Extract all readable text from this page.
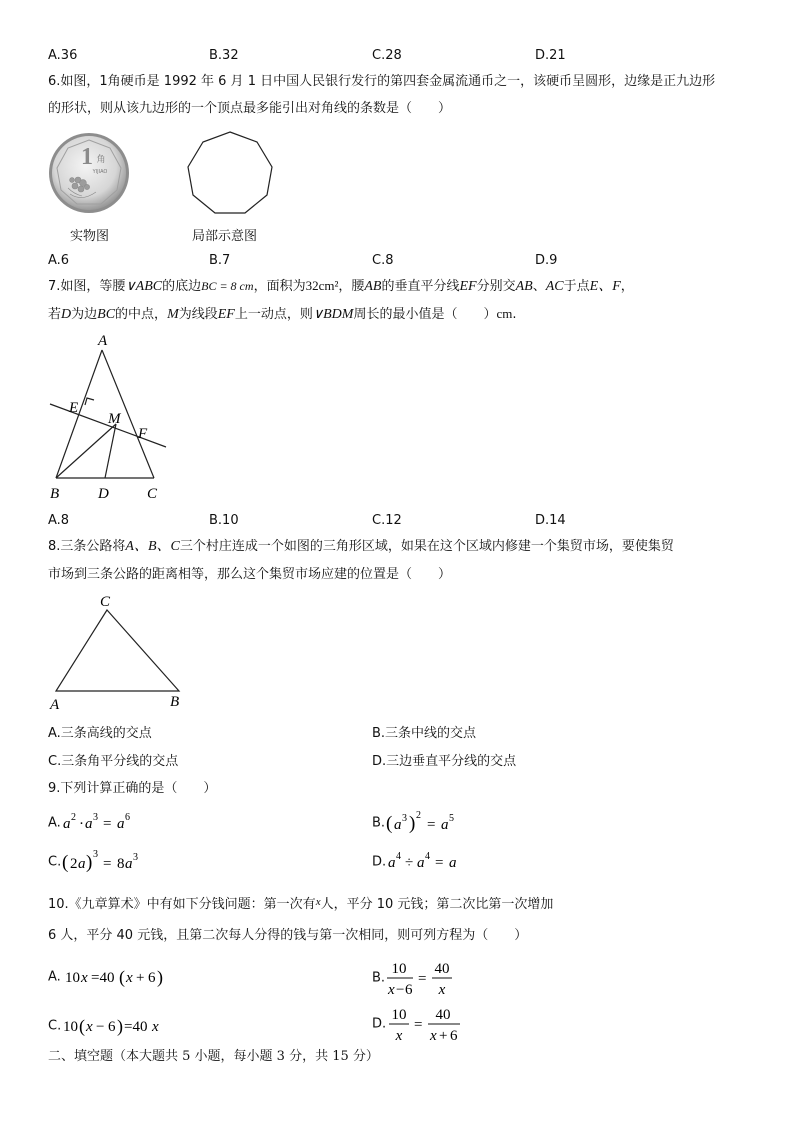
A.36	B.32	C.28	D.21
6.如图，1角硬币是 1992 年 6 月 1 日中国人民银行发行的第四套金属流通币之一，该硬币呈圆形，边缘是正九边形
的形状，则从该九边形的一个顶点最多能引出对角线的条数是（　　）
1 角
YIJIAO
实物图	局部示意图
A.6	B.7	C.8	D.9
7.如图，等腰∨ABC的底边BC = 8 cm，面积为32cm²，腰AB的垂直平分线EF分别交AB、AC于点E、F，
若D为边BC的中点，M为线段EF上一动点，则∨BDM周长的最小值是（　　）cm.
A
E
M
F
B	D	C
A.8	B.10	C.12	D.14
8.三条公路将A、B、C三个村庄连成一个如图的三角形区域，如果在这个区域内修建一个集贸市场，要使集贸
市场到三条公路的距离相等，那么这个集贸市场应建的位置是（　　）
C
A	B
A.三条高线的交点	B.三条中线的交点
C.三条角平分线的交点	D.三边垂直平分线的交点
9.下列计算正确的是（　　）
A. a 2 · a 3 = a 6	B. ( a 3 ) 2
= a 5
C. ( 2 a ) 3
= 8 a 3	D. a 4 ÷ a 4 = a
10.《九章算术》中有如下分钱问题：第一次有$^x$人，平分 10 元钱；第二次比第一次增加
6 人，平分 40 元钱，且第二次每人分得的钱与第一次相同，则可列方程为（　　）
A. 10 x =40 ( x + 6 )	B.
10
x − 6
=
40
x
C. 10 ( x − 6 ) =40 x	D.
10
x
=
40
x + 6
二、填空题（本大题共 5 小题，每小题 3 分，共 15 分）
